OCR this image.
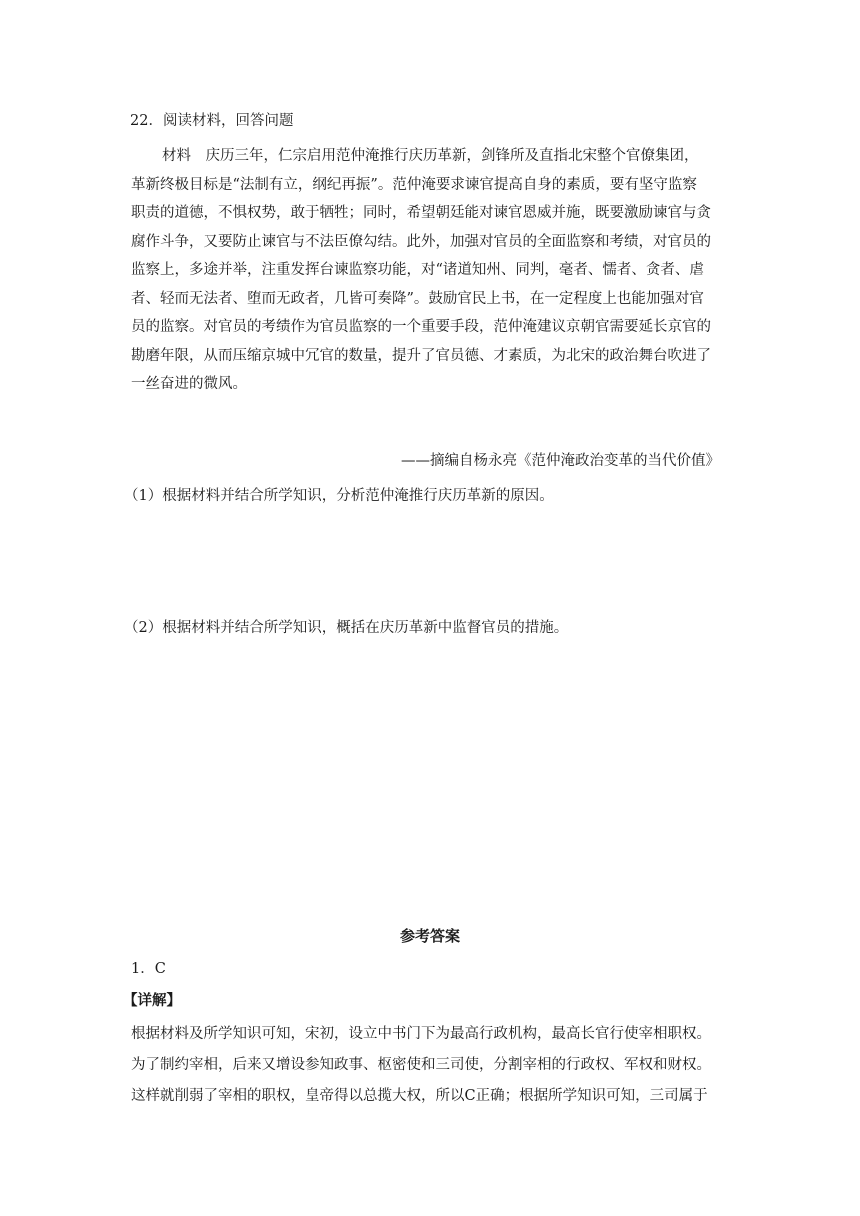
22．阅读材料，回答问题

材料　庆历三年，仁宗启用范仲淹推行庆历革新，剑锋所及直指北宋整个官僚集团，
革新终极目标是“法制有立，纲纪再振”。范仲淹要求谏官提高自身的素质，要有坚守监察
职责的道德，不惧权势，敢于牺牲；同时，希望朝廷能对谏官恩威并施，既要激励谏官与贪
腐作斗争，又要防止谏官与不法臣僚勾结。此外，加强对官员的全面监察和考绩，对官员的
监察上，多途并举，注重发挥台谏监察功能，对“诸道知州、同判，毫者、懦者、贪者、虐
者、轻而无法者、堕而无政者，几皆可奏降”。鼓励官民上书，在一定程度上也能加强对官
员的监察。对官员的考绩作为官员监察的一个重要手段，范仲淹建议京朝官需要延长京官的
勘磨年限，从而压缩京城中冗官的数量，提升了官员德、才素质，为北宋的政治舞台吹进了
一丝奋进的微风。

——摘编自杨永亮《范仲淹政治变革的当代价值》

（1）根据材料并结合所学知识，分析范仲淹推行庆历革新的原因。

（2）根据材料并结合所学知识，概括在庆历革新中监督官员的措施。

参考答案

1．C

【详解】

根据材料及所学知识可知，宋初，设立中书门下为最高行政机构，最高长官行使宰相职权。
为了制约宰相，后来又增设参知政事、枢密使和三司使，分割宰相的行政权、军权和财权。
这样就削弱了宰相的职权，皇帝得以总揽大权，所以C正确；根据所学知识可知，三司属于
